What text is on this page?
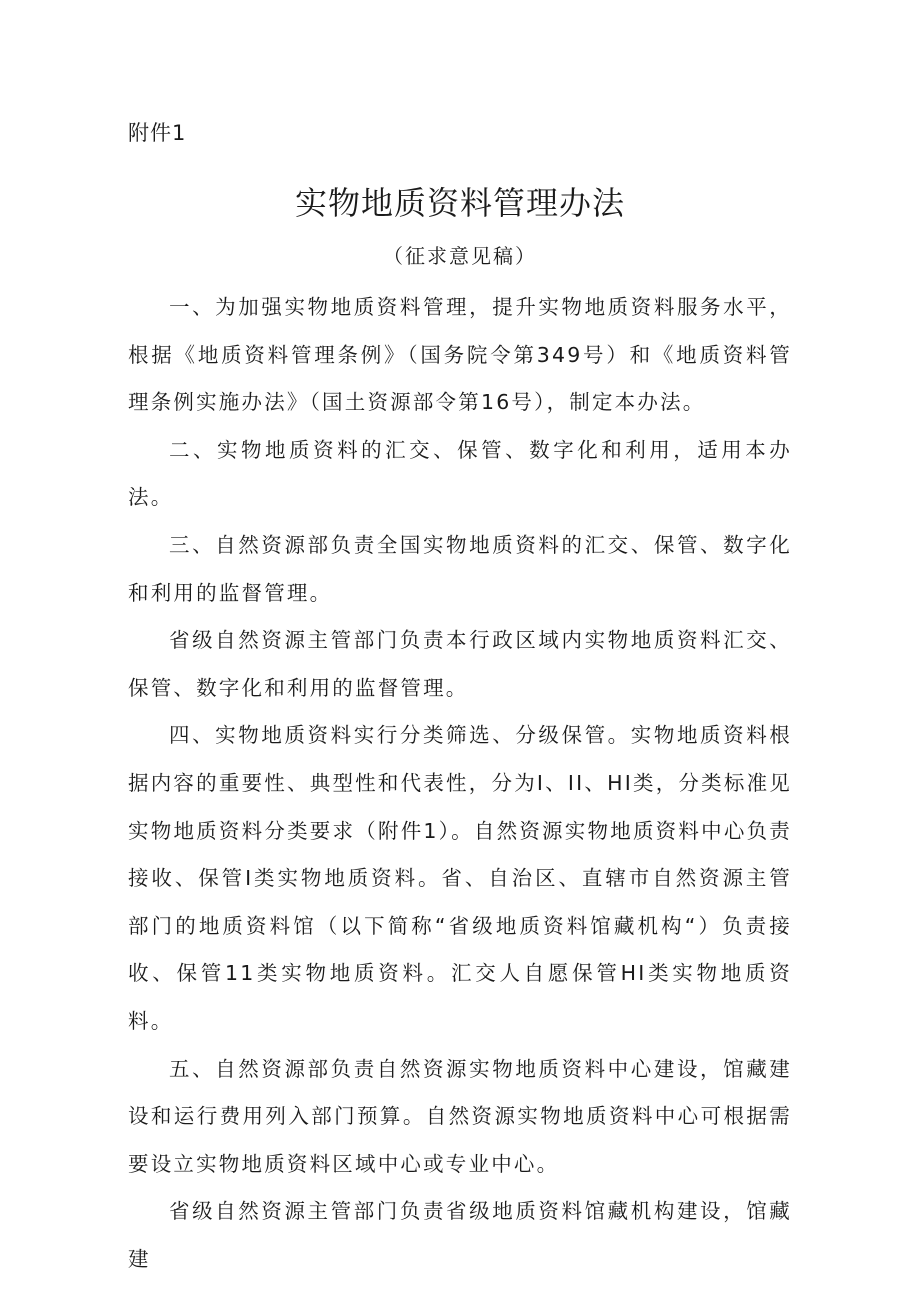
附件1
实物地质资料管理办法
（征求意见稿）

一、为加强实物地质资料管理，提升实物地质资料服务水平，根据《地质资料管理条例》（国务院令第349号）和《地质资料管理条例实施办法》（国土资源部令第16号），制定本办法。

二、实物地质资料的汇交、保管、数字化和利用，适用本办法。

三、自然资源部负责全国实物地质资料的汇交、保管、数字化和利用的监督管理。

省级自然资源主管部门负责本行政区域内实物地质资料汇交、保管、数字化和利用的监督管理。

四、实物地质资料实行分类筛选、分级保管。实物地质资料根据内容的重要性、典型性和代表性，分为I、II、HI类，分类标准见实物地质资料分类要求（附件1）。自然资源实物地质资料中心负责接收、保管I类实物地质资料。省、自治区、直辖市自然资源主管部门的地质资料馆（以下简称“省级地质资料馆藏机构“）负责接收、保管11类实物地质资料。汇交人自愿保管HI类实物地质资料。

五、自然资源部负责自然资源实物地质资料中心建设，馆藏建设和运行费用列入部门预算。自然资源实物地质资料中心可根据需要设立实物地质资料区域中心或专业中心。

省级自然资源主管部门负责省级地质资料馆藏机构建设，馆藏建
